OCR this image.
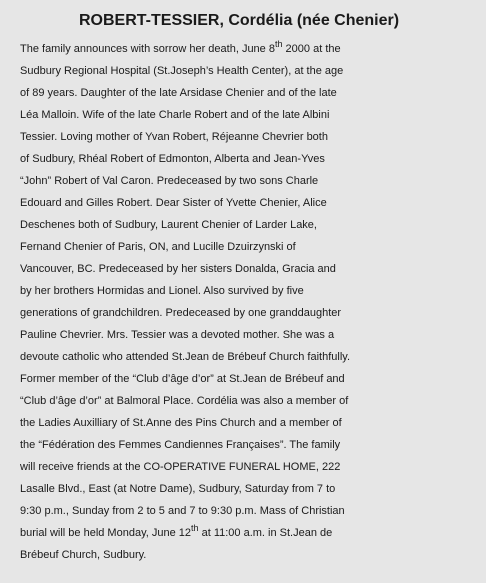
ROBERT-TESSIER, Cordélia (née Chenier)
The family announces with sorrow her death, June 8th 2000 at the
Sudbury Regional Hospital (St.Joseph’s Health Center), at the age
of 89 years. Daughter of the late Arsidase Chenier and of the late
Léa Malloin. Wife of the late Charle Robert and of the late Albini
Tessier. Loving mother of Yvan Robert, Réjeanne Chevrier both
of Sudbury, Rhéal Robert of Edmonton, Alberta and Jean-Yves
“John” Robert of Val Caron. Predeceased by two sons Charle
Edouard and Gilles Robert. Dear Sister of Yvette Chenier, Alice
Deschenes both of Sudbury, Laurent Chenier of Larder Lake,
Fernand Chenier of Paris, ON, and Lucille Dzuirzynski of
Vancouver, BC. Predeceased by her sisters Donalda, Gracia and
by her brothers Hormidas and Lionel. Also survived by five
generations of grandchildren. Predeceased by one granddaughter
Pauline Chevrier. Mrs. Tessier was a devoted mother. She was a
devoute catholic who attended St.Jean de Brébeuf Church faithfully.
Former member of the “Club d’âge d’or” at St.Jean de Brébeuf and
“Club d’âge d’or” at Balmoral Place. Cordélia was also a member of
the Ladies Auxilliary of St.Anne des Pins Church and a member of
the “Fédération des Femmes Candiennes Françaises”. The family
will receive friends at the CO-OPERATIVE FUNERAL HOME, 222
Lasalle Blvd., East (at Notre Dame), Sudbury, Saturday from 7 to
9:30 p.m., Sunday from 2 to 5 and 7 to 9:30 p.m. Mass of Christian
burial will be held Monday, June 12th at 11:00 a.m. in St.Jean de
Brébeuf Church, Sudbury.
